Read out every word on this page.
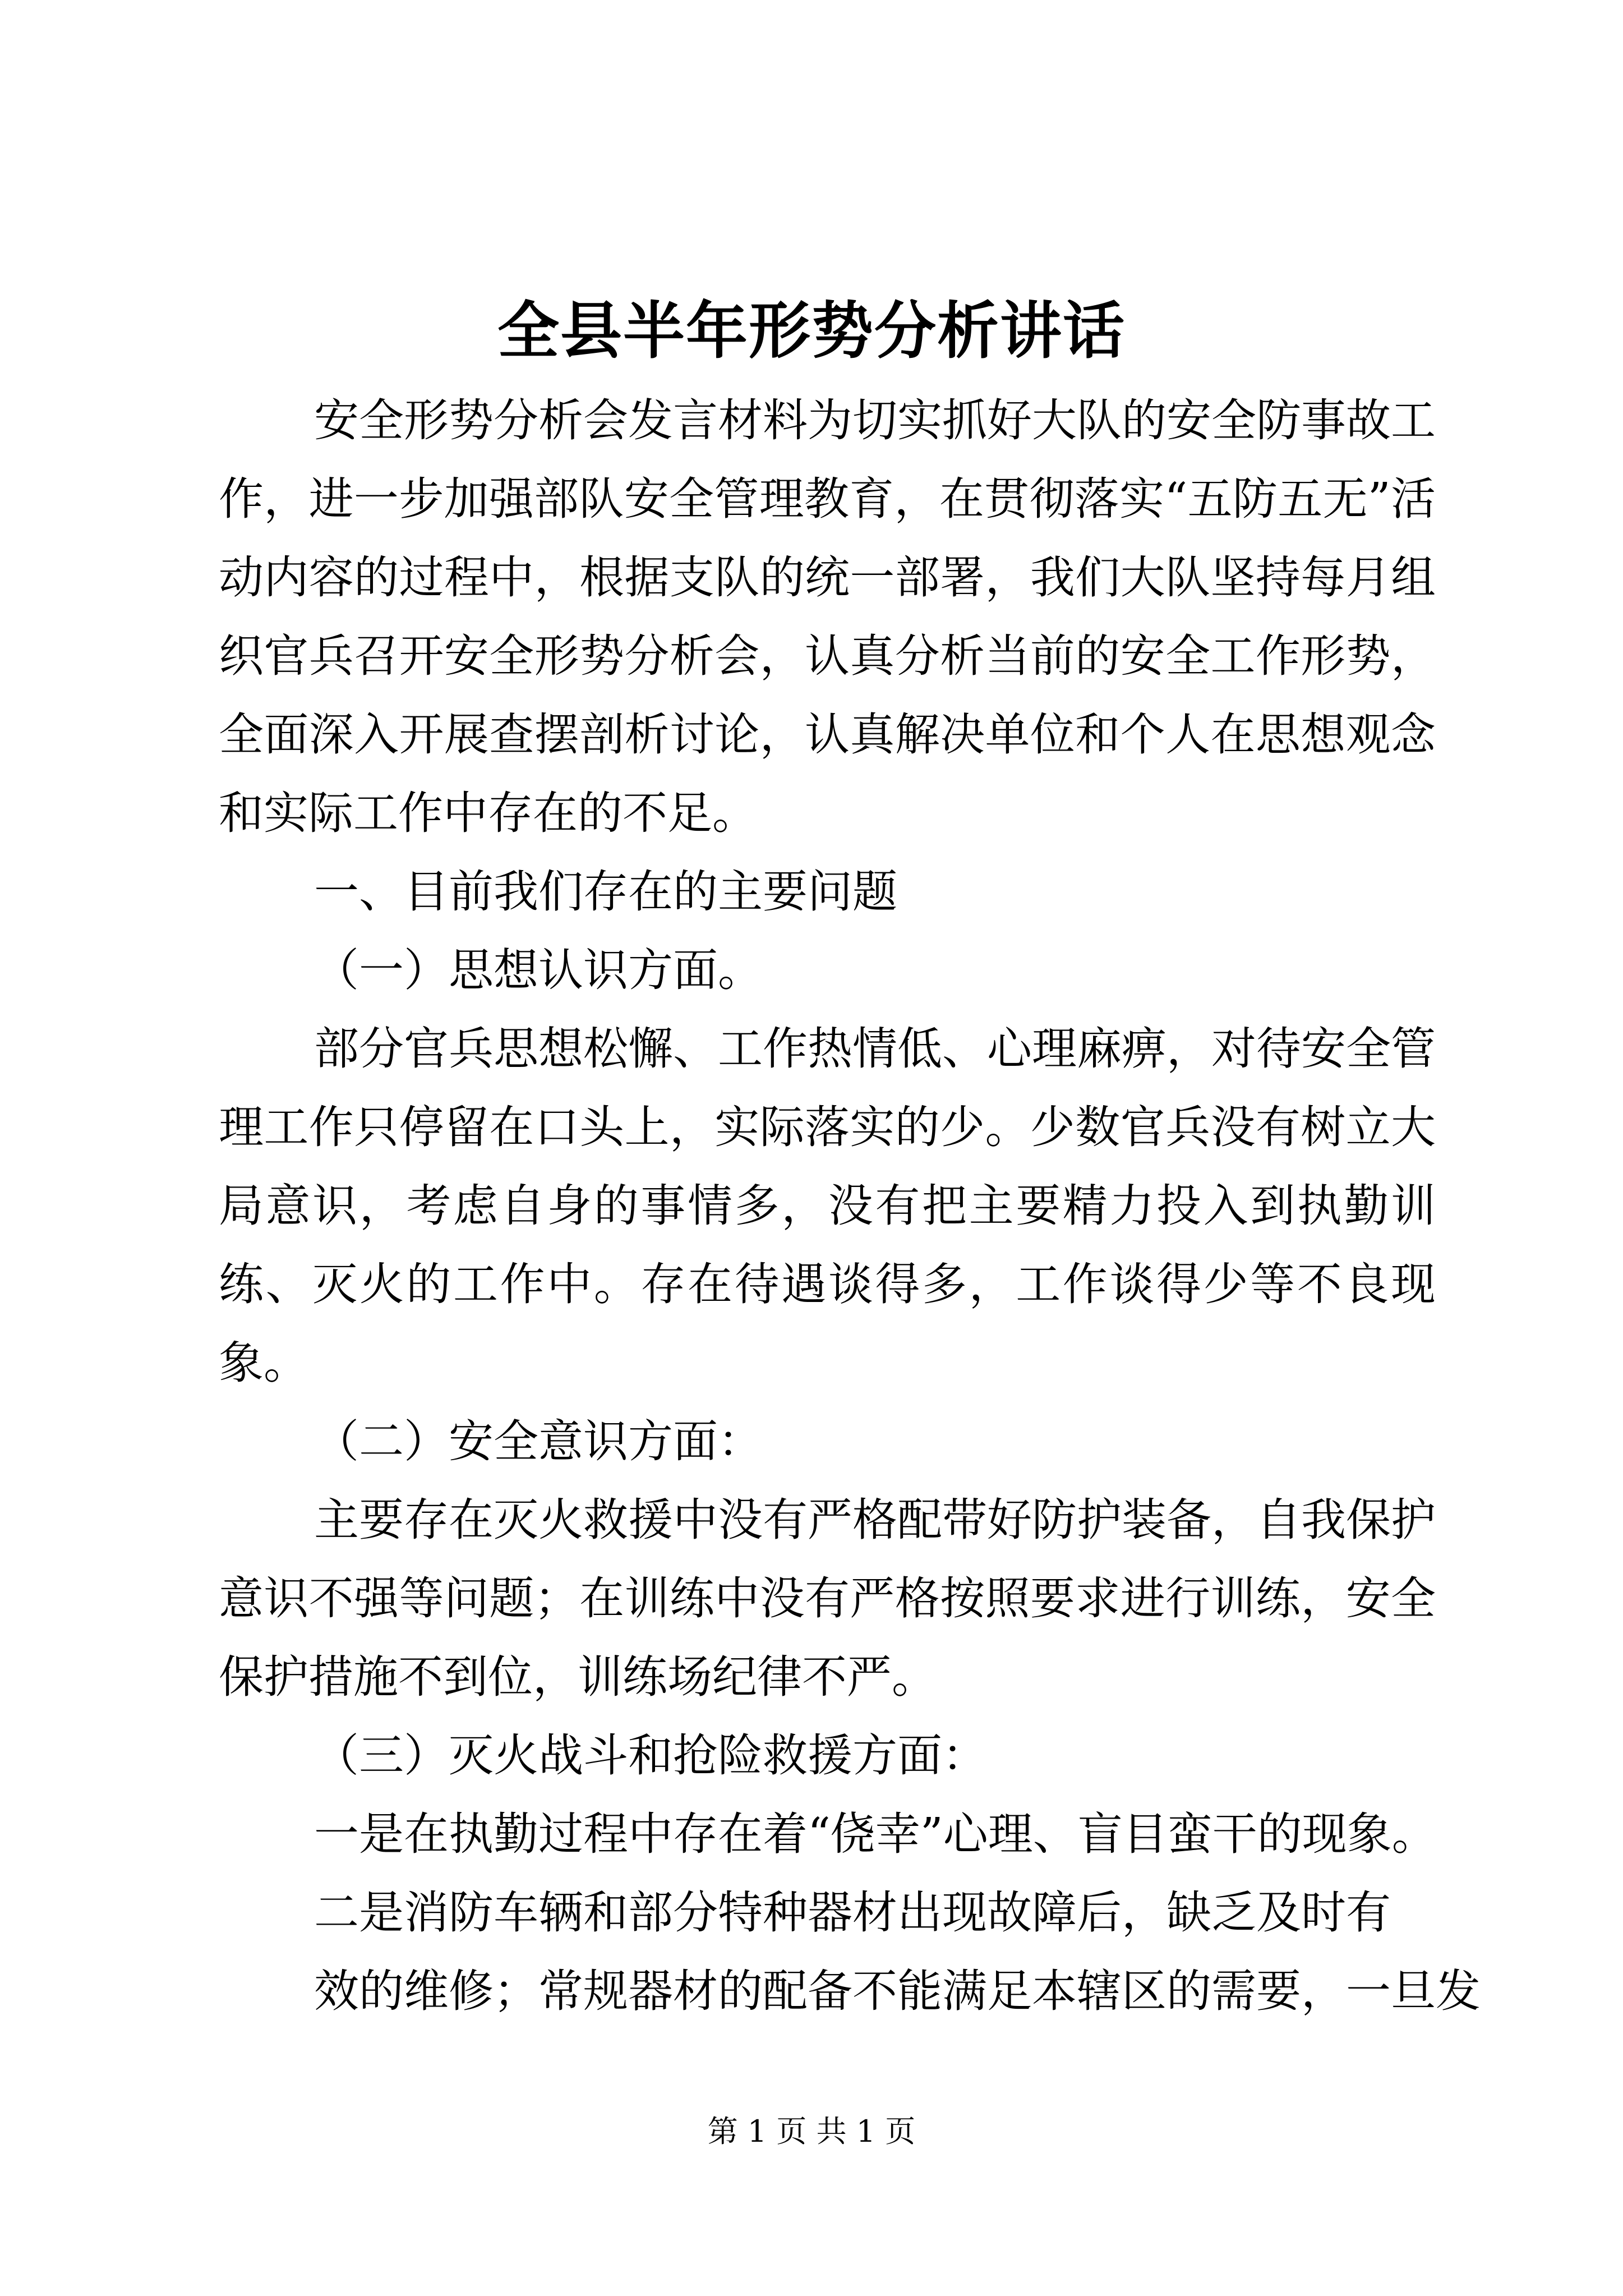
全县半年形势分析讲话

安全形势分析会发言材料为切实抓好大队的安全防事故工作，进一步加强部队安全管理教育，在贯彻落实“五防五无”活动内容的过程中，根据支队的统一部署，我们大队坚持每月组织官兵召开安全形势分析会，认真分析当前的安全工作形势，全面深入开展查摆剖析讨论，认真解决单位和个人在思想观念和实际工作中存在的不足。

一、目前我们存在的主要问题

（一）思想认识方面。

部分官兵思想松懈、工作热情低、心理麻痹，对待安全管理工作只停留在口头上，实际落实的少。少数官兵没有树立大局意识，考虑自身的事情多，没有把主要精力投入到执勤训练、灭火的工作中。存在待遇谈得多，工作谈得少等不良现象。

（二）安全意识方面：

主要存在灭火救援中没有严格配带好防护装备，自我保护意识不强等问题；在训练中没有严格按照要求进行训练，安全保护措施不到位，训练场纪律不严。

（三）灭火战斗和抢险救援方面：

一是在执勤过程中存在着“侥幸”心理、盲目蛮干的现象。

二是消防车辆和部分特种器材出现故障后，缺乏及时有

效的维修；常规器材的配备不能满足本辖区的需要，一旦发

第 1 页 共 1 页
